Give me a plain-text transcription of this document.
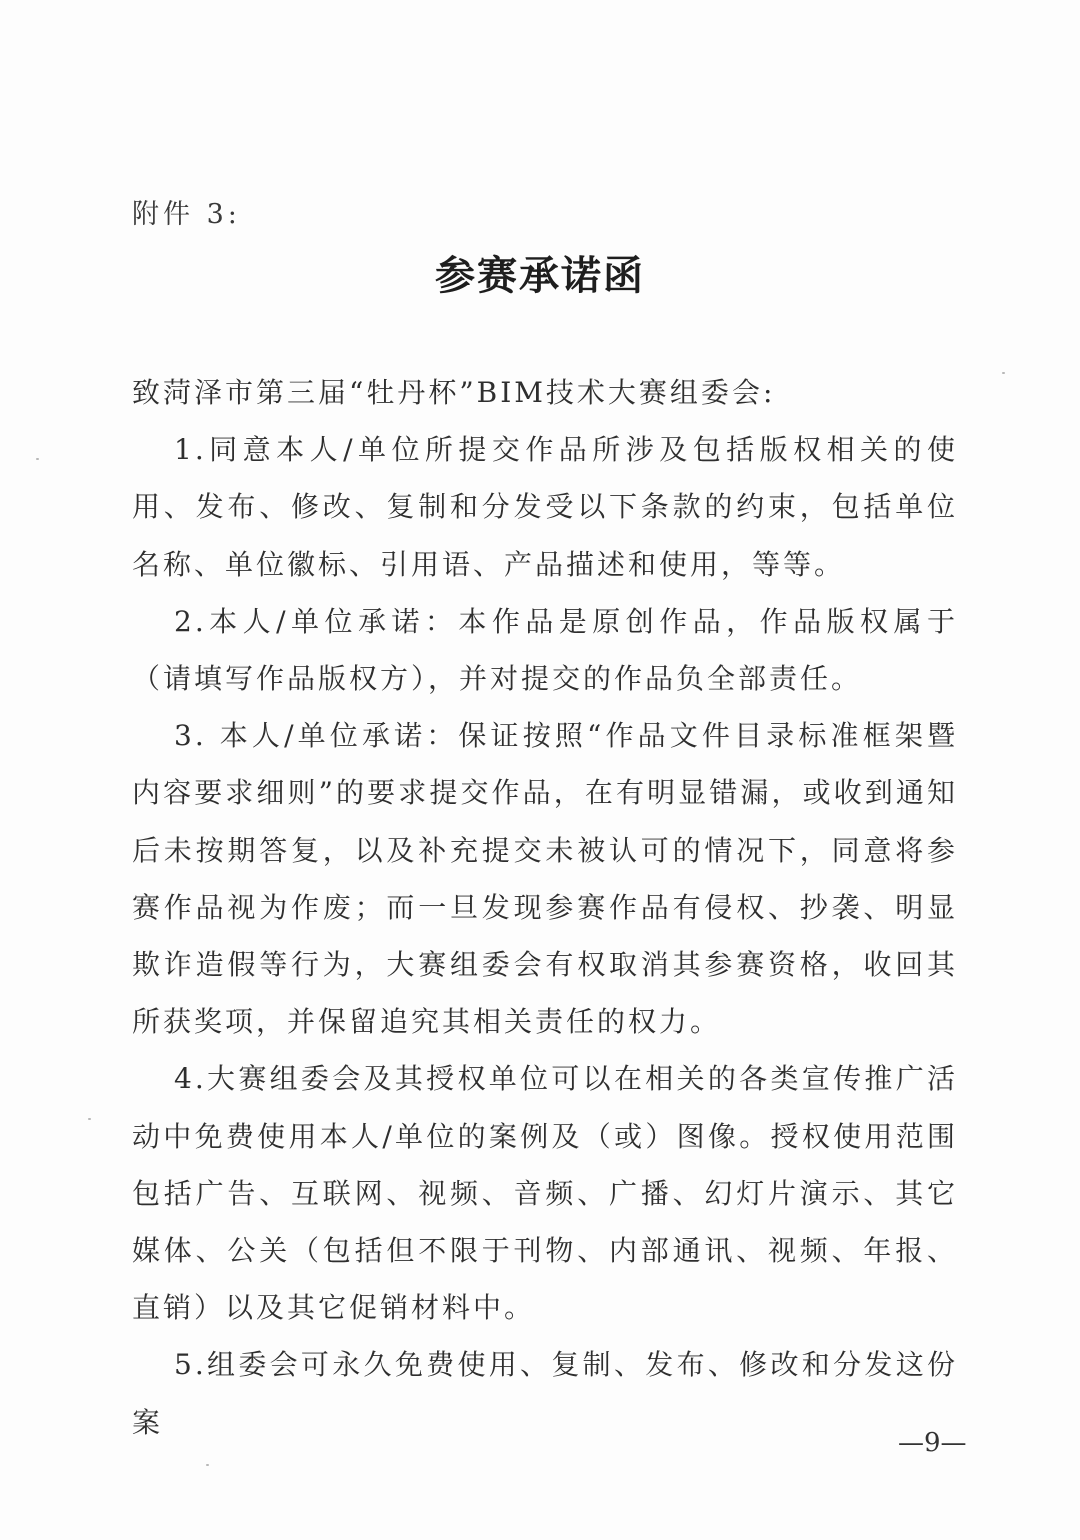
附件 3:
参赛承诺函

致菏泽市第三届“牡丹杯”BIM技术大赛组委会:

1.同意本人/单位所提交作品所涉及包括版权相关的使用、发布、修改、复制和分发受以下条款的约束，包括单位名称、单位徽标、引用语、产品描述和使用，等等。

2.本人/单位承诺：本作品是原创作品，作品版权属于（请填写作品版权方），并对提交的作品负全部责任。

3. 本人/单位承诺：保证按照“作品文件目录标准框架暨内容要求细则”的要求提交作品，在有明显错漏，或收到通知后未按期答复，以及补充提交未被认可的情况下，同意将参赛作品视为作废；而一旦发现参赛作品有侵权、抄袭、明显欺诈造假等行为，大赛组委会有权取消其参赛资格，收回其所获奖项，并保留追究其相关责任的权力。

4.大赛组委会及其授权单位可以在相关的各类宣传推广活动中免费使用本人/单位的案例及（或）图像。授权使用范围包括广告、互联网、视频、音频、广播、幻灯片演示、其它媒体、公关（包括但不限于刊物、内部通讯、视频、年报、直销）以及其它促销材料中。

5.组委会可永久免费使用、复制、发布、修改和分发这份案

—9—
